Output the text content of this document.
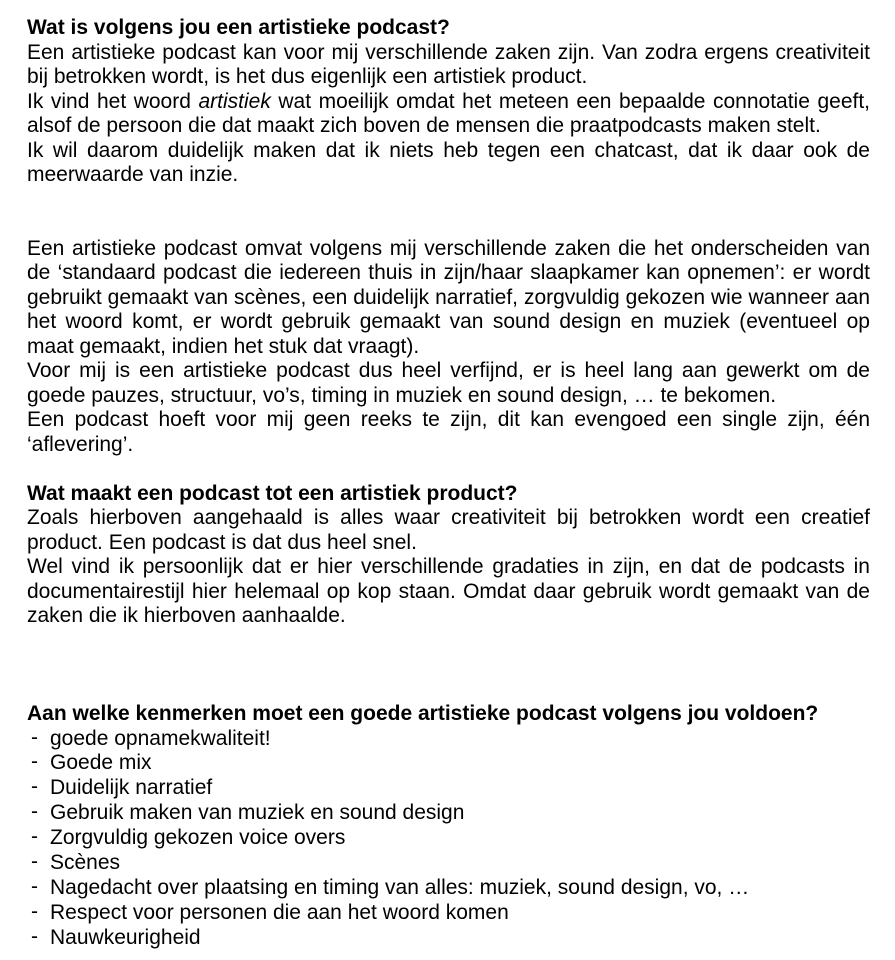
Wat is volgens jou een artistieke podcast?

Een artistieke podcast kan voor mij verschillende zaken zijn. Van zodra ergens creativiteit bij betrokken wordt, is het dus eigenlijk een artistiek product.

Ik vind het woord artistiek wat moeilijk omdat het meteen een bepaalde connotatie geeft, alsof de persoon die dat maakt zich boven de mensen die praatpodcasts maken stelt.

Ik wil daarom duidelijk maken dat ik niets heb tegen een chatcast, dat ik daar ook de meerwaarde van inzie.

Een artistieke podcast omvat volgens mij verschillende zaken die het onderscheiden van de ‘standaard podcast die iedereen thuis in zijn/haar slaapkamer kan opnemen’: er wordt gebruikt gemaakt van scènes, een duidelijk narratief, zorgvuldig gekozen wie wanneer aan het woord komt, er wordt gebruik gemaakt van sound design en muziek (eventueel op maat gemaakt, indien het stuk dat vraagt).

Voor mij is een artistieke podcast dus heel verfijnd, er is heel lang aan gewerkt om de goede pauzes, structuur, vo’s, timing in muziek en sound design, … te bekomen.

Een podcast hoeft voor mij geen reeks te zijn, dit kan evengoed een single zijn, één ‘aflevering’.

Wat maakt een podcast tot een artistiek product?

Zoals hierboven aangehaald is alles waar creativiteit bij betrokken wordt een creatief product. Een podcast is dat dus heel snel.

Wel vind ik persoonlijk dat er hier verschillende gradaties in zijn, en dat de podcasts in documentairestijl hier helemaal op kop staan. Omdat daar gebruik wordt gemaakt van de zaken die ik hierboven aanhaalde.

Aan welke kenmerken moet een goede artistieke podcast volgens jou voldoen?
- goede opnamekwaliteit!
- Goede mix
- Duidelijk narratief
- Gebruik maken van muziek en sound design
- Zorgvuldig gekozen voice overs
- Scènes
- Nagedacht over plaatsing en timing van alles: muziek, sound design, vo, …
- Respect voor personen die aan het woord komen
- Nauwkeurigheid
